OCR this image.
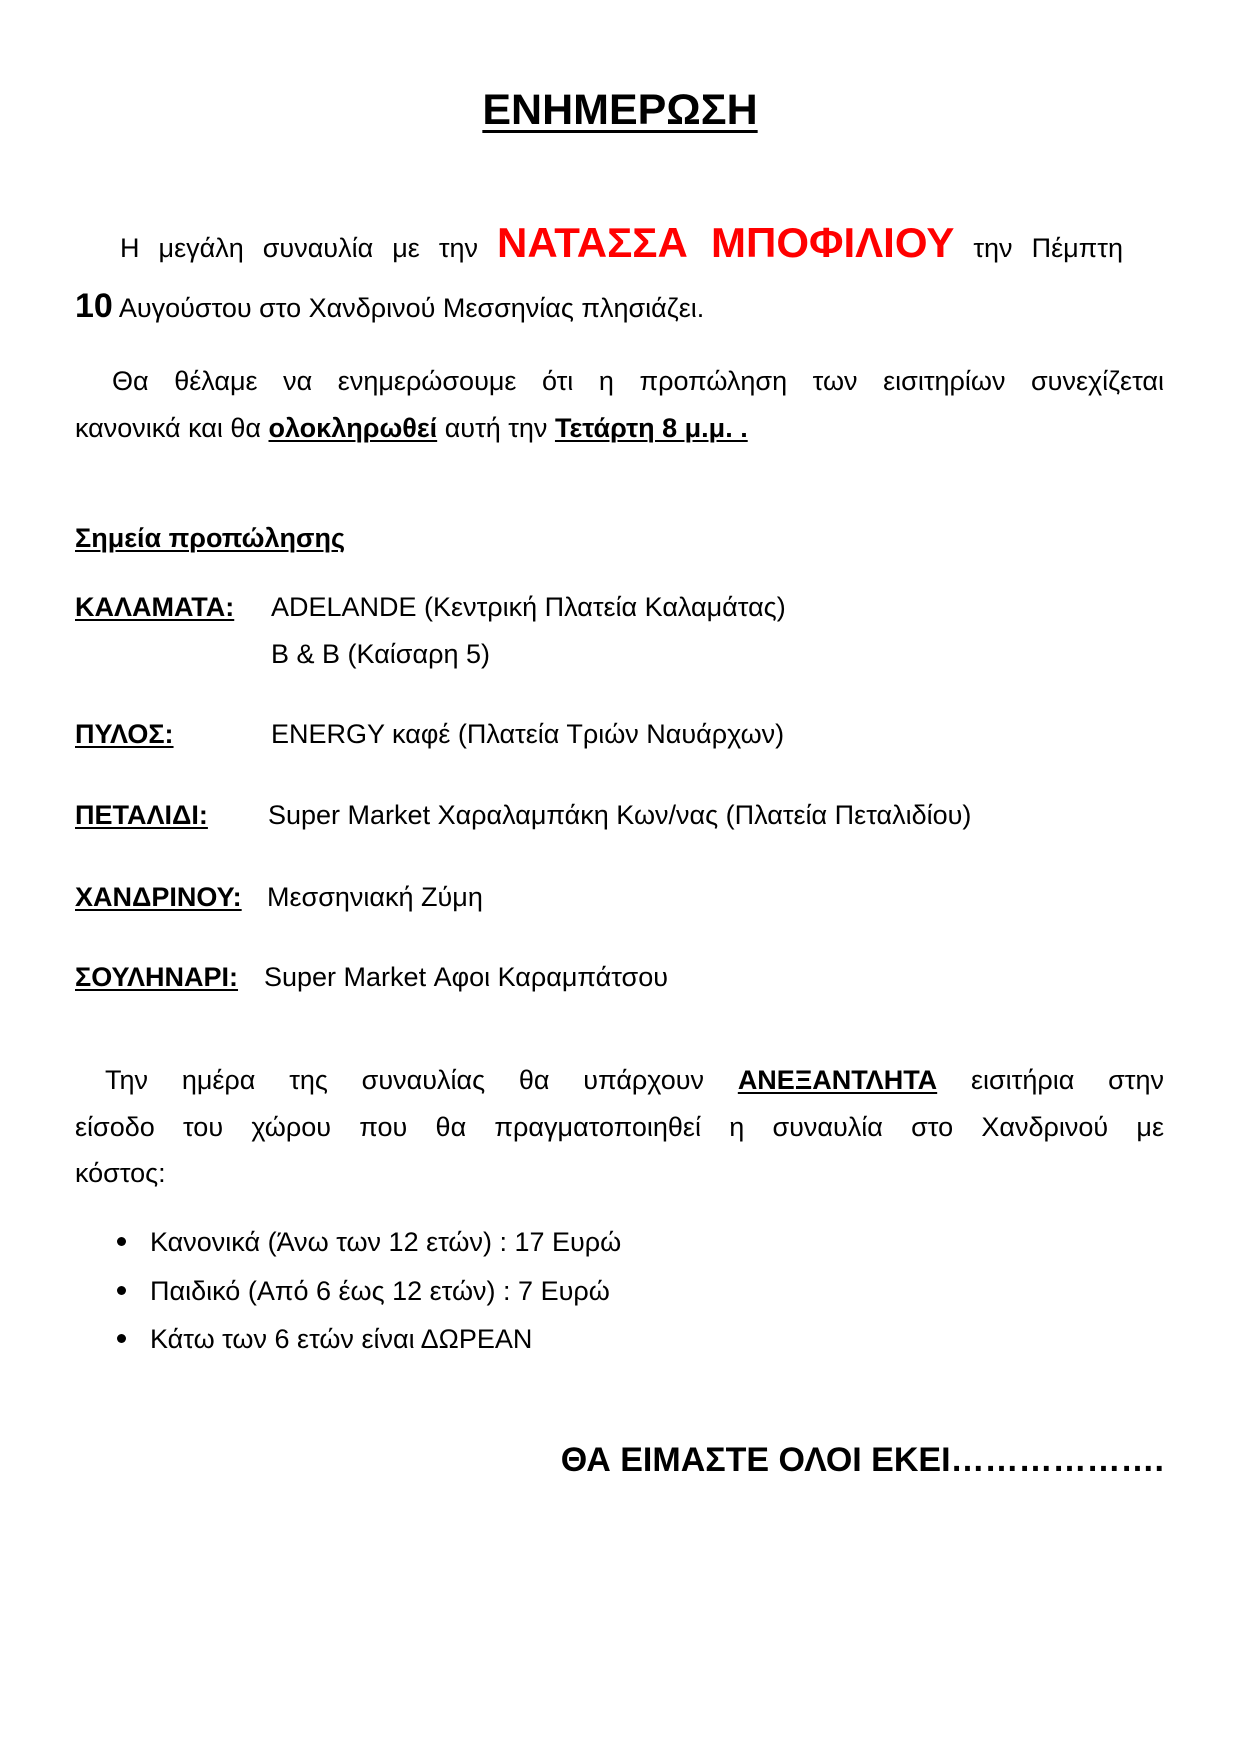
ΕΝΗΜΕΡΩΣΗ
Η μεγάλη συναυλία με την ΝΑΤΑΣΣΑ ΜΠΟΦΙΛΙΟΥ την Πέμπτη
10 Αυγούστου στο Χανδρινού Μεσσηνίας πλησιάζει.
Θα θέλαμε να ενημερώσουμε ότι η προπώληση των εισιτηρίων συνεχίζεται
κανονικά και θα ολοκληρωθεί αυτή την Τετάρτη 8 μ.μ. .
Σημεία προπώλησης
ΚΑΛΑΜΑΤΑ: ADELANDE (Κεντρική Πλατεία Καλαμάτας)
Β & Β (Καίσαρη 5)
ΠΥΛΟΣ:	ENERGY καφέ (Πλατεία Τριών Ναυάρχων)
ΠΕΤΑΛΙΔΙ: Super Market Χαραλαμπάκη Κων/νας (Πλατεία Πεταλιδίου)
ΧΑΝΔΡΙΝΟΥ: Μεσσηνιακή Ζύμη
ΣΟΥΛΗΝΑΡΙ: Super Market Αφοι Καραμπάτσου
Την ημέρα της συναυλίας θα υπάρχουν ΑΝΕΞΑΝΤΛΗΤΑ εισιτήρια στην
είσοδο του χώρου που θα πραγματοποιηθεί η συναυλία στο Χανδρινού με
κόστος:
Κανονικά (Άνω των 12 ετών) : 17 Ευρώ
Παιδικό (Από 6 έως 12 ετών) : 7 Ευρώ
Κάτω των 6 ετών είναι ΔΩΡΕΑΝ
ΘΑ ΕΙΜΑΣΤΕ ΟΛΟΙ ΕΚΕΙ……………….
